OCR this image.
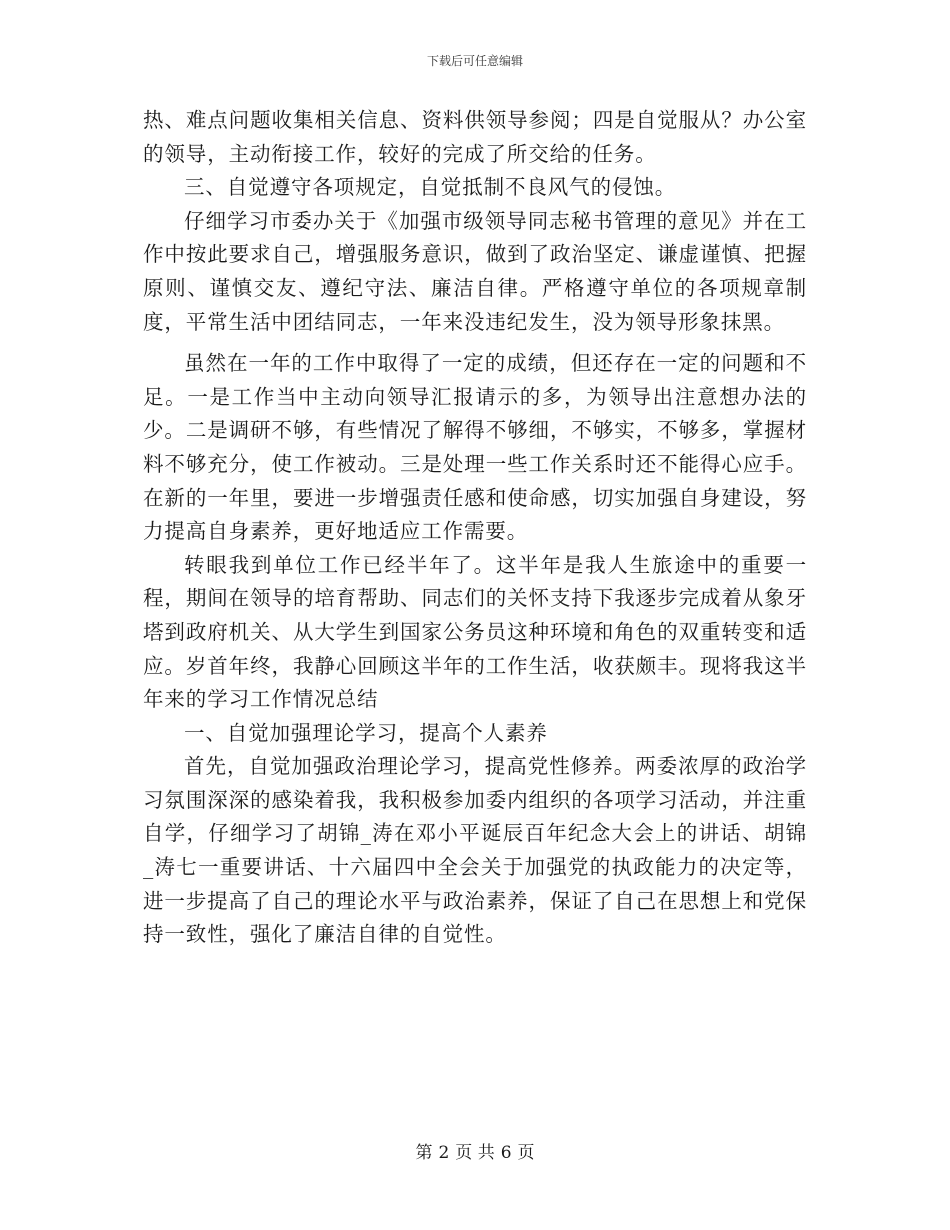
下载后可任意编辑

热、难点问题收集相关信息、资料供领导参阅；四是自觉服从？办公室的领导，主动衔接工作，较好的完成了所交给的任务。

三、自觉遵守各项规定，自觉抵制不良风气的侵蚀。

仔细学习市委办关于《加强市级领导同志秘书管理的意见》并在工作中按此要求自己，增强服务意识，做到了政治坚定、谦虚谨慎、把握原则、谨慎交友、遵纪守法、廉洁自律。严格遵守单位的各项规章制度，平常生活中团结同志，一年来没违纪发生，没为领导形象抹黑。

虽然在一年的工作中取得了一定的成绩，但还存在一定的问题和不足。一是工作当中主动向领导汇报请示的多，为领导出注意想办法的少。二是调研不够，有些情况了解得不够细，不够实，不够多，掌握材料不够充分，使工作被动。三是处理一些工作关系时还不能得心应手。在新的一年里，要进一步增强责任感和使命感，切实加强自身建设，努力提高自身素养，更好地适应工作需要。

转眼我到单位工作已经半年了。这半年是我人生旅途中的重要一程，期间在领导的培育帮助、同志们的关怀支持下我逐步完成着从象牙塔到政府机关、从大学生到国家公务员这种环境和角色的双重转变和适应。岁首年终，我静心回顾这半年的工作生活，收获颇丰。现将我这半年来的学习工作情况总结

一、自觉加强理论学习，提高个人素养

首先，自觉加强政治理论学习，提高党性修养。两委浓厚的政治学习氛围深深的感染着我，我积极参加委内组织的各项学习活动，并注重自学，仔细学习了胡锦_涛在邓小平诞辰百年纪念大会上的讲话、胡锦_涛七一重要讲话、十六届四中全会关于加强党的执政能力的决定等，进一步提高了自己的理论水平与政治素养，保证了自己在思想上和党保持一致性，强化了廉洁自律的自觉性。

第 2 页 共 6 页
